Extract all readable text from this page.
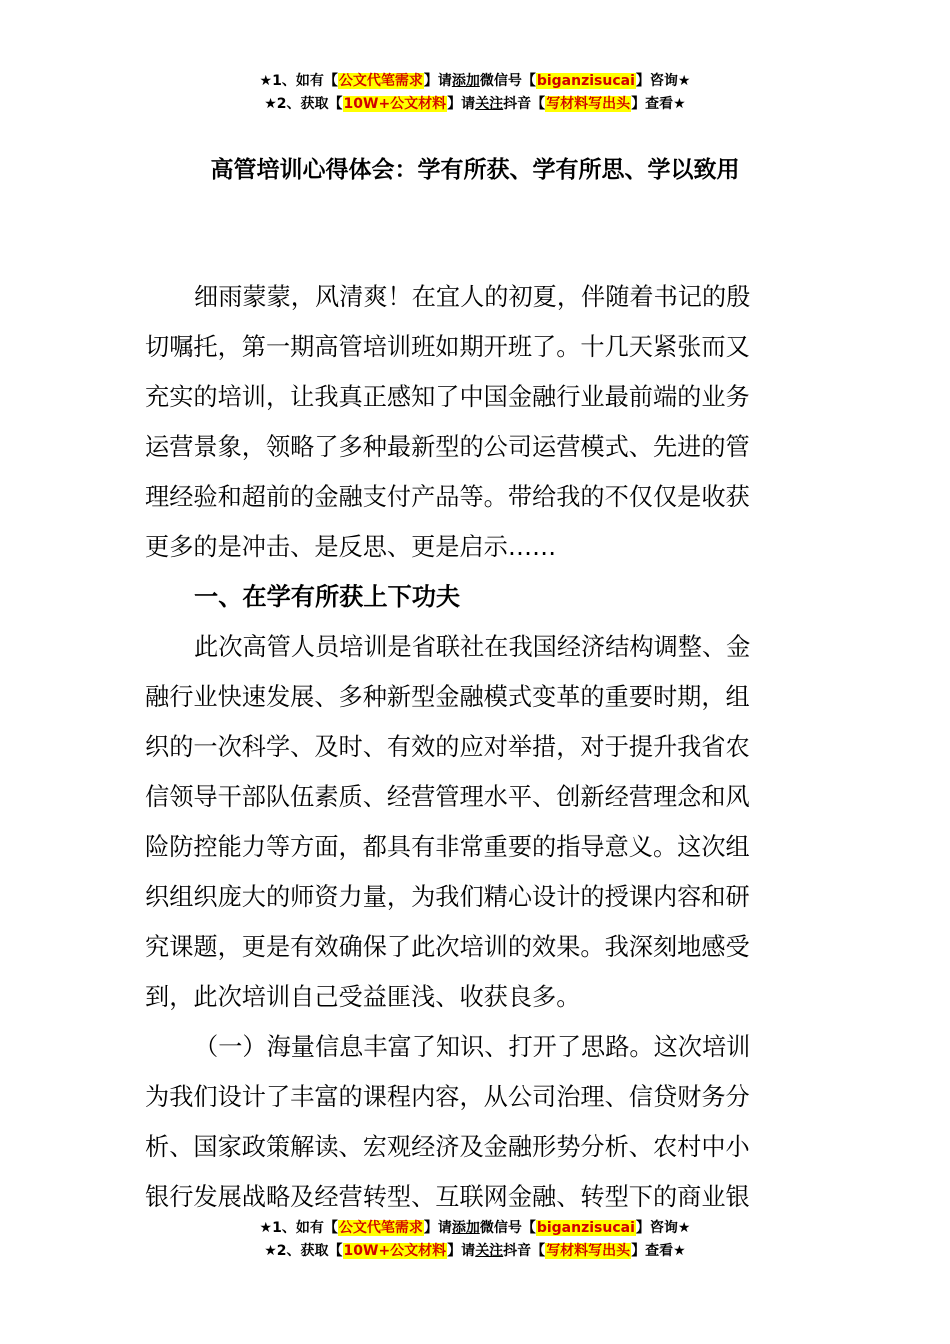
★1、如有【公文代笔需求】请添加微信号【biganzisucai】咨询★
★2、获取【10W+公文材料】请关注抖音【写材料写出头】查看★
高管培训心得体会：学有所获、学有所思、学以致用
细雨蒙蒙，风清爽！在宜人的初夏，伴随着书记的殷
切嘱托，第一期高管培训班如期开班了。十几天紧张而又
充实的培训，让我真正感知了中国金融行业最前端的业务
运营景象，领略了多种最新型的公司运营模式、先进的管
理经验和超前的金融支付产品等。带给我的不仅仅是收获
更多的是冲击、是反思、更是启示……
一、在学有所获上下功夫
此次高管人员培训是省联社在我国经济结构调整、金
融行业快速发展、多种新型金融模式变革的重要时期，组
织的一次科学、及时、有效的应对举措，对于提升我省农
信领导干部队伍素质、经营管理水平、创新经营理念和风
险防控能力等方面，都具有非常重要的指导意义。这次组
织组织庞大的师资力量，为我们精心设计的授课内容和研
究课题，更是有效确保了此次培训的效果。我深刻地感受
到，此次培训自己受益匪浅、收获良多。
（一）海量信息丰富了知识、打开了思路。这次培训
为我们设计了丰富的课程内容，从公司治理、信贷财务分
析、国家政策解读、宏观经济及金融形势分析、农村中小
银行发展战略及经营转型、互联网金融、转型下的商业银
★1、如有【公文代笔需求】请添加微信号【biganzisucai】咨询★
★2、获取【10W+公文材料】请关注抖音【写材料写出头】查看★
